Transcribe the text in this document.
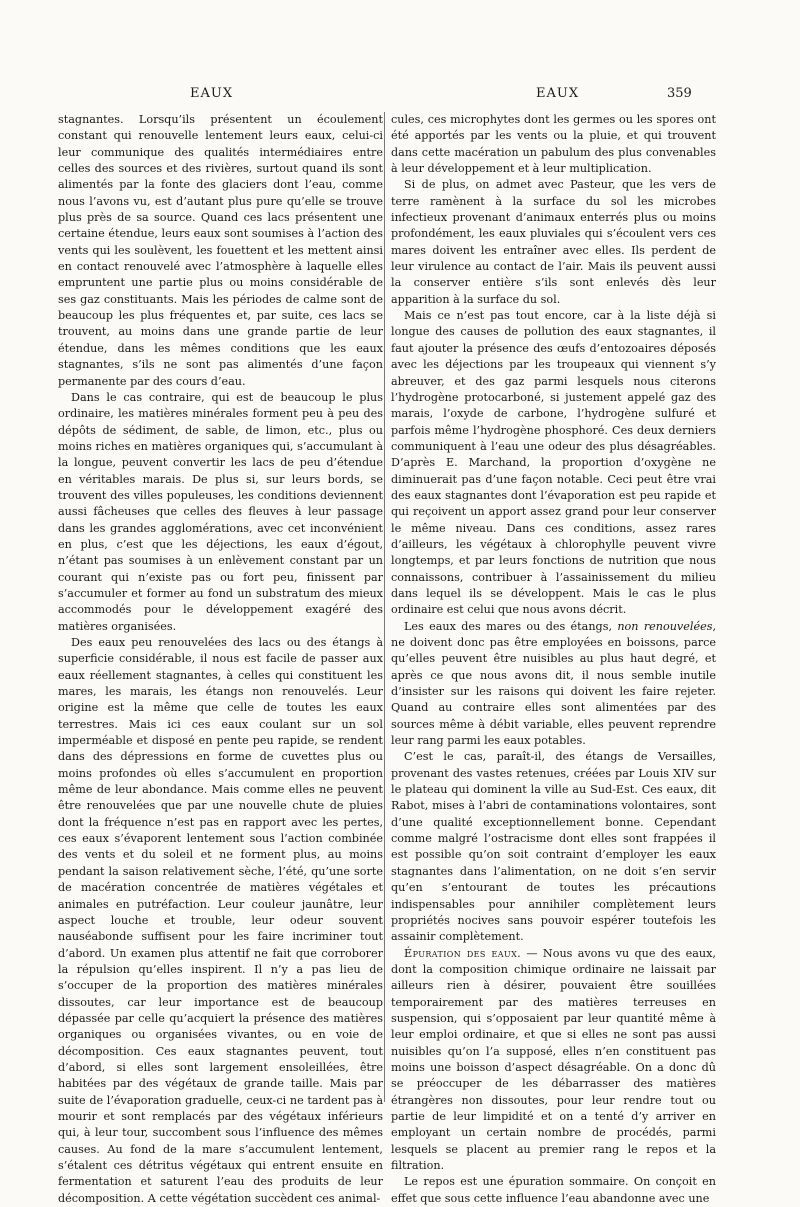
EAUX	EAUX	359

stagnantes. Lorsqu’ils présentent un écoulement constant qui renouvelle lentement leurs eaux, celui-ci leur communique des qualités intermédiaires entre celles des sources et des rivières, surtout quand ils sont alimentés par la fonte des glaciers dont l’eau, comme nous l’avons vu, est d’autant plus pure qu’elle se trouve plus près de sa source. Quand ces lacs présentent une certaine étendue, leurs eaux sont soumises à l’action des vents qui les soulèvent, les fouettent et les mettent ainsi en contact renouvelé avec l’atmosphère à laquelle elles empruntent une partie plus ou moins considérable de ses gaz constituants. Mais les périodes de calme sont de beaucoup les plus fréquentes et, par suite, ces lacs se trouvent, au moins dans une grande partie de leur étendue, dans les mêmes conditions que les eaux stagnantes, s’ils ne sont pas alimentés d’une façon permanente par des cours d’eau.

Dans le cas contraire, qui est de beaucoup le plus ordinaire, les matières minérales forment peu à peu des dépôts de sédiment, de sable, de limon, etc., plus ou moins riches en matières organiques qui, s’accumulant à la longue, peuvent convertir les lacs de peu d’étendue en véritables marais. De plus si, sur leurs bords, se trouvent des villes populeuses, les conditions deviennent aussi fâcheuses que celles des fleuves à leur passage dans les grandes agglomérations, avec cet inconvénient en plus, c’est que les déjections, les eaux d’égout, n’étant pas soumises à un enlèvement constant par un courant qui n’existe pas ou fort peu, finissent par s’accumuler et former au fond un substratum des mieux accommodés pour le développement exagéré des matières organisées.

Des eaux peu renouvelées des lacs ou des étangs à superficie considérable, il nous est facile de passer aux eaux réellement stagnantes, à celles qui constituent les mares, les marais, les étangs non renouvelés. Leur origine est la même que celle de toutes les eaux terrestres. Mais ici ces eaux coulant sur un sol imperméable et disposé en pente peu rapide, se rendent dans des dépressions en forme de cuvettes plus ou moins profondes où elles s’accumulent en proportion même de leur abondance. Mais comme elles ne peuvent être renouvelées que par une nouvelle chute de pluies dont la fréquence n’est pas en rapport avec les pertes, ces eaux s’évaporent lentement sous l’action combinée des vents et du soleil et ne forment plus, au moins pendant la saison relativement sèche, l’été, qu’une sorte de macération concentrée de matières végétales et animales en putréfaction. Leur couleur jaunâtre, leur aspect louche et trouble, leur odeur souvent nauséabonde suffisent pour les faire incriminer tout d’abord. Un examen plus attentif ne fait que corroborer la répulsion qu’elles inspirent. Il n’y a pas lieu de s’occuper de la proportion des matières minérales dissoutes, car leur importance est de beaucoup dépassée par celle qu’acquiert la présence des matières organiques ou organisées vivantes, ou en voie de décomposition. Ces eaux stagnantes peuvent, tout d’abord, si elles sont largement ensoleillées, être habitées par des végétaux de grande taille. Mais par suite de l’évaporation graduelle, ceux-ci ne tardent pas à mourir et sont remplacés par des végétaux inférieurs qui, à leur tour, succombent sous l’influence des mêmes causes. Au fond de la mare s’accumulent lentement, s’étalent ces détritus végétaux qui entrent ensuite en fermentation et saturent l’eau des produits de leur décomposition. A cette végétation succèdent ces animal-

cules, ces microphytes dont les germes ou les spores ont été apportés par les vents ou la pluie, et qui trouvent dans cette macération un pabulum des plus convenables à leur développement et à leur multiplication.

Si de plus, on admet avec Pasteur, que les vers de terre ramènent à la surface du sol les microbes infectieux provenant d’animaux enterrés plus ou moins profondément, les eaux pluviales qui s’écoulent vers ces mares doivent les entraîner avec elles. Ils perdent de leur virulence au contact de l’air. Mais ils peuvent aussi la conserver entière s’ils sont enlevés dès leur apparition à la surface du sol.

Mais ce n’est pas tout encore, car à la liste déjà si longue des causes de pollution des eaux stagnantes, il faut ajouter la présence des œufs d’entozoaires déposés avec les déjections par les troupeaux qui viennent s’y abreuver, et des gaz parmi lesquels nous citerons l’hydrogène protocarboné, si justement appelé gaz des marais, l’oxyde de carbone, l’hydrogène sulfuré et parfois même l’hydrogène phosphoré. Ces deux derniers communiquent à l’eau une odeur des plus désagréables. D’après E. Marchand, la proportion d’oxygène ne diminuerait pas d’une façon notable. Ceci peut être vrai des eaux stagnantes dont l’évaporation est peu rapide et qui reçoivent un apport assez grand pour leur conserver le même niveau. Dans ces conditions, assez rares d’ailleurs, les végétaux à chlorophylle peuvent vivre longtemps, et par leurs fonctions de nutrition que nous connaissons, contribuer à l’assainissement du milieu dans lequel ils se développent. Mais le cas le plus ordinaire est celui que nous avons décrit.

Les eaux des mares ou des étangs, non renouvelées, ne doivent donc pas être employées en boissons, parce qu’elles peuvent être nuisibles au plus haut degré, et après ce que nous avons dit, il nous semble inutile d’insister sur les raisons qui doivent les faire rejeter. Quand au contraire elles sont alimentées par des sources même à débit variable, elles peuvent reprendre leur rang parmi les eaux potables.

C’est le cas, paraît-il, des étangs de Versailles, provenant des vastes retenues, créées par Louis XIV sur le plateau qui dominent la ville au Sud-Est. Ces eaux, dit Rabot, mises à l’abri de contaminations volontaires, sont d’une qualité exceptionnellement bonne. Cependant comme malgré l’ostracisme dont elles sont frappées il est possible qu’on soit contraint d’employer les eaux stagnantes dans l’alimentation, on ne doit s’en servir qu’en s’entourant de toutes les précautions indispensables pour annihiler complètement leurs propriétés nocives sans pouvoir espérer toutefois les assainir complètement.

Épuration des eaux. — Nous avons vu que des eaux, dont la composition chimique ordinaire ne laissait par ailleurs rien à désirer, pouvaient être souillées temporairement par des matières terreuses en suspension, qui s’opposaient par leur quantité même à leur emploi ordinaire, et que si elles ne sont pas aussi nuisibles qu’on l’a supposé, elles n’en constituent pas moins une boisson d’aspect désagréable. On a donc dû se préoccuper de les débarrasser des matières étrangères non dissoutes, pour leur rendre tout ou partie de leur limpidité et on a tenté d’y arriver en employant un certain nombre de procédés, parmi lesquels se placent au premier rang le repos et la filtration.

Le repos est une épuration sommaire. On conçoit en effet que sous cette influence l’eau abandonne avec une
